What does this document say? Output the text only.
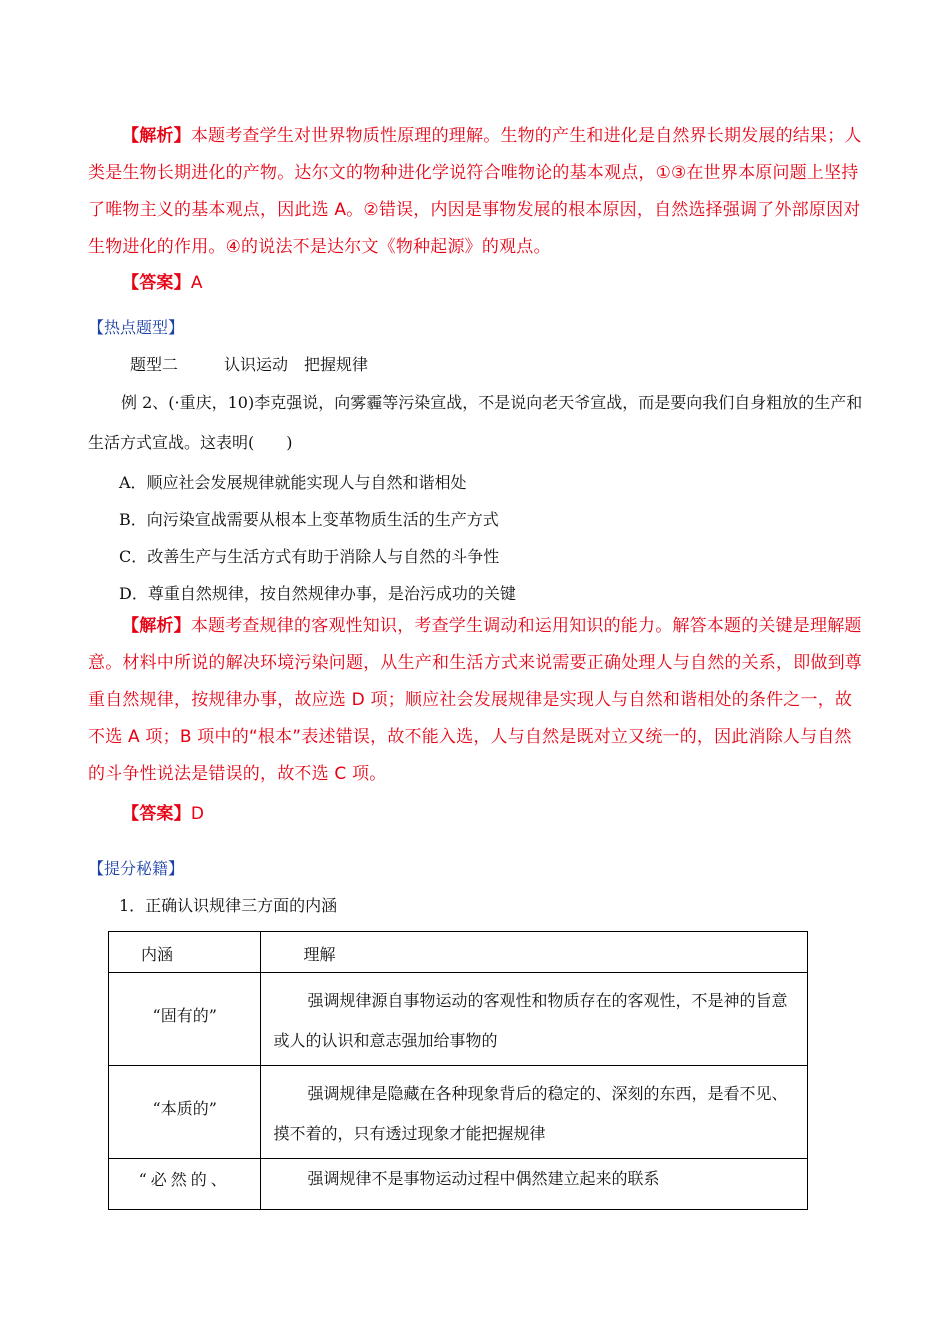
【解析】本题考查学生对世界物质性原理的理解。生物的产生和进化是自然界长期发展的结果；人类是生物长期进化的产物。达尔文的物种进化学说符合唯物论的基本观点，①③在世界本原问题上坚持了唯物主义的基本观点，因此选 A。②错误，内因是事物发展的根本原因，自然选择强调了外部原因对生物进化的作用。④的说法不是达尔文《物种起源》的观点。
【答案】A
【热点题型】
题型二	认识运动　把握规律
例 2、(·重庆，10)李克强说，向雾霾等污染宣战，不是说向老天爷宣战，而是要向我们自身粗放的生产和生活方式宣战。这表明(　　)
A．顺应社会发展规律就能实现人与自然和谐相处
B．向污染宣战需要从根本上变革物质生活的生产方式
C．改善生产与生活方式有助于消除人与自然的斗争性
D．尊重自然规律，按自然规律办事，是治污成功的关键
【解析】本题考查规律的客观性知识，考查学生调动和运用知识的能力。解答本题的关键是理解题意。材料中所说的解决环境污染问题，从生产和生活方式来说需要正确处理人与自然的关系，即做到尊重自然规律，按规律办事，故应选 D 项；顺应社会发展规律是实现人与自然和谐相处的条件之一，故不选 A 项；B 项中的“根本”表述错误，故不能入选，人与自然是既对立又统一的，因此消除人与自然的斗争性说法是错误的，故不选 C 项。
【答案】D
【提分秘籍】
1．正确认识规律三方面的内涵
内涵	理解

“固有的”	强调规律源自事物运动的客观性和物质存在的客观性，不是神的旨意或人的认识和意志强加给事物的

“本质的”	强调规律是隐藏在各种现象背后的稳定的、深刻的东西，是看不见、摸不着的，只有透过现象才能把握规律

“必然的、	强调规律不是事物运动过程中偶然建立起来的联系
